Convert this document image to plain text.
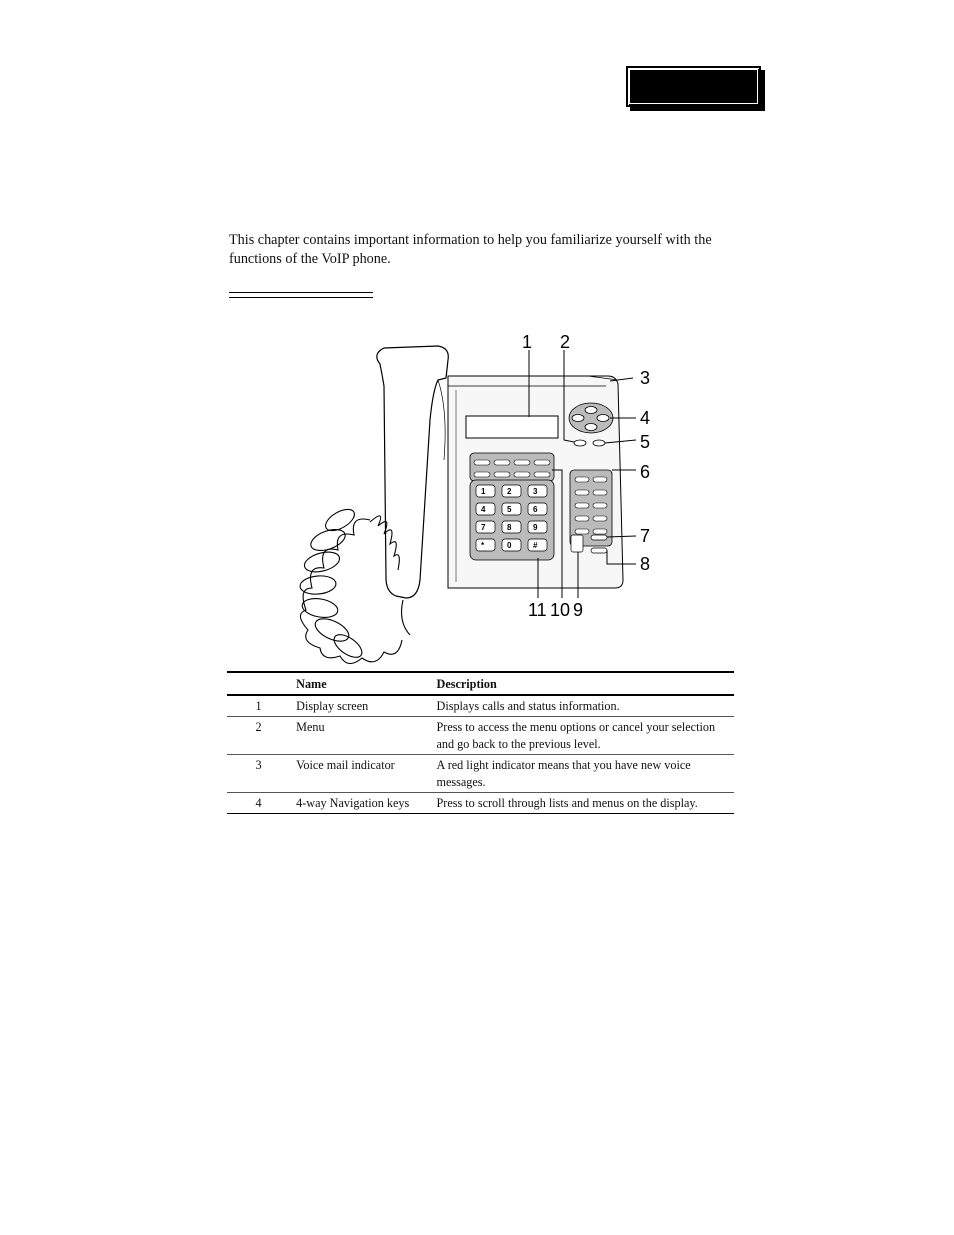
This chapter contains important information to help you familiarize yourself with the functions of the VoIP phone.

1	2	3
4	5	6
7	8	9
*	0	#
1 2
3
4
5
6
7
8
11 10 9
	Name	Description
1	Display screen	Displays calls and status information.
2	Menu	Press to access the menu options or cancel your selection and go back to the previous level.
3	Voice mail indicator	A red light indicator means that you have new voice messages.
4	4-way Navigation keys	Press to scroll through lists and menus on the display.
